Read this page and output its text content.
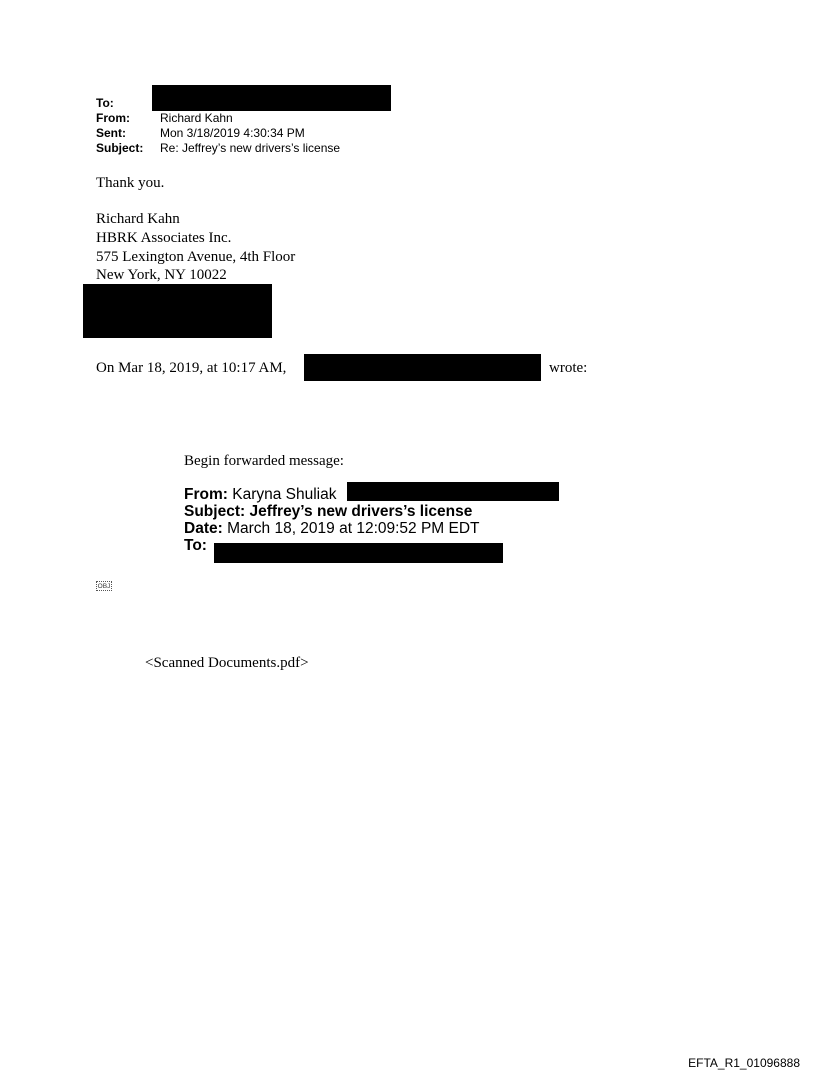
To:
From:	Richard Kahn
Sent:	Mon 3/18/2019 4:30:34 PM
Subject: Re: Jeffrey’s new drivers’s license
Thank you.
Richard Kahn
HBRK Associates Inc.
575 Lexington Avenue, 4th Floor
New York, NY 10022
On Mar 18, 2019, at 10:17 AM,	wrote:
Begin forwarded message:
From: Karyna Shuliak
Subject: Jeffrey’s new drivers’s license
Date: March 18, 2019 at 12:09:52 PM EDT
To:
OBJ
<Scanned Documents.pdf>
EFTA_R1_01096888
